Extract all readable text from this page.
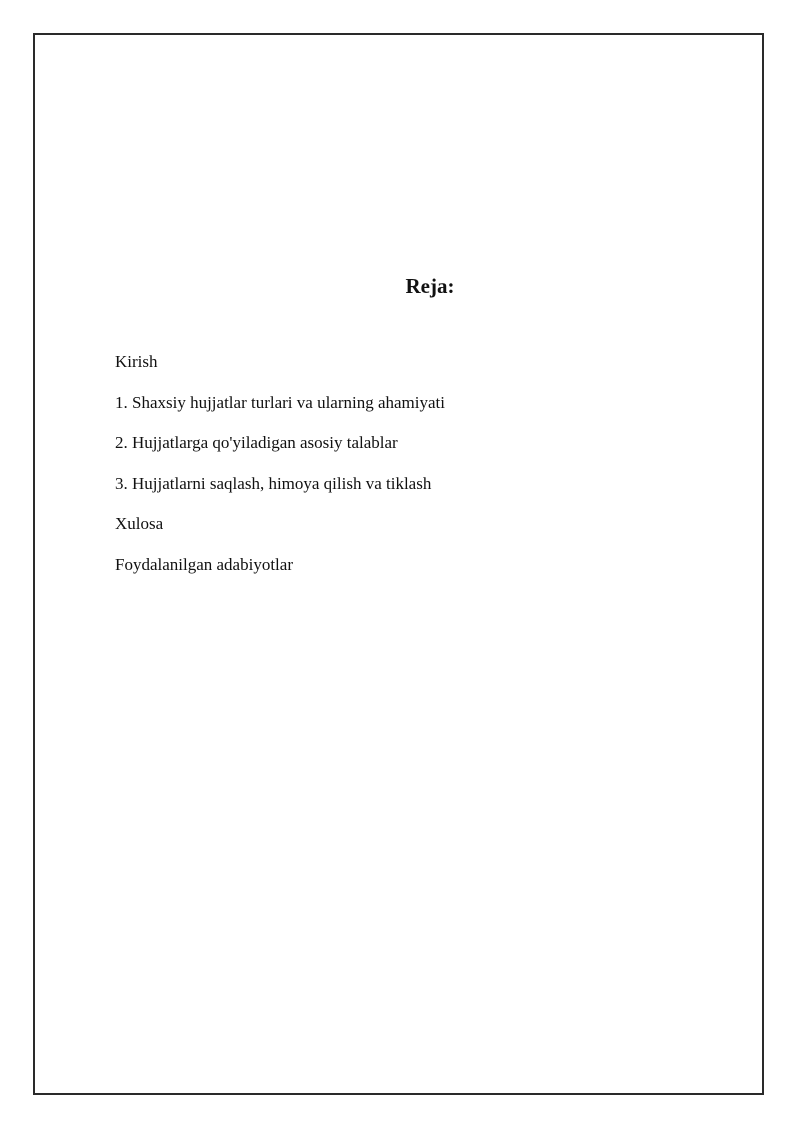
Reja:
Kirish
1. Shaxsiy hujjatlar turlari va ularning ahamiyati
2. Hujjatlarga qo'yiladigan asosiy talablar
3. Hujjatlarni saqlash, himoya qilish va tiklash
Xulosa
Foydalanilgan adabiyotlar
